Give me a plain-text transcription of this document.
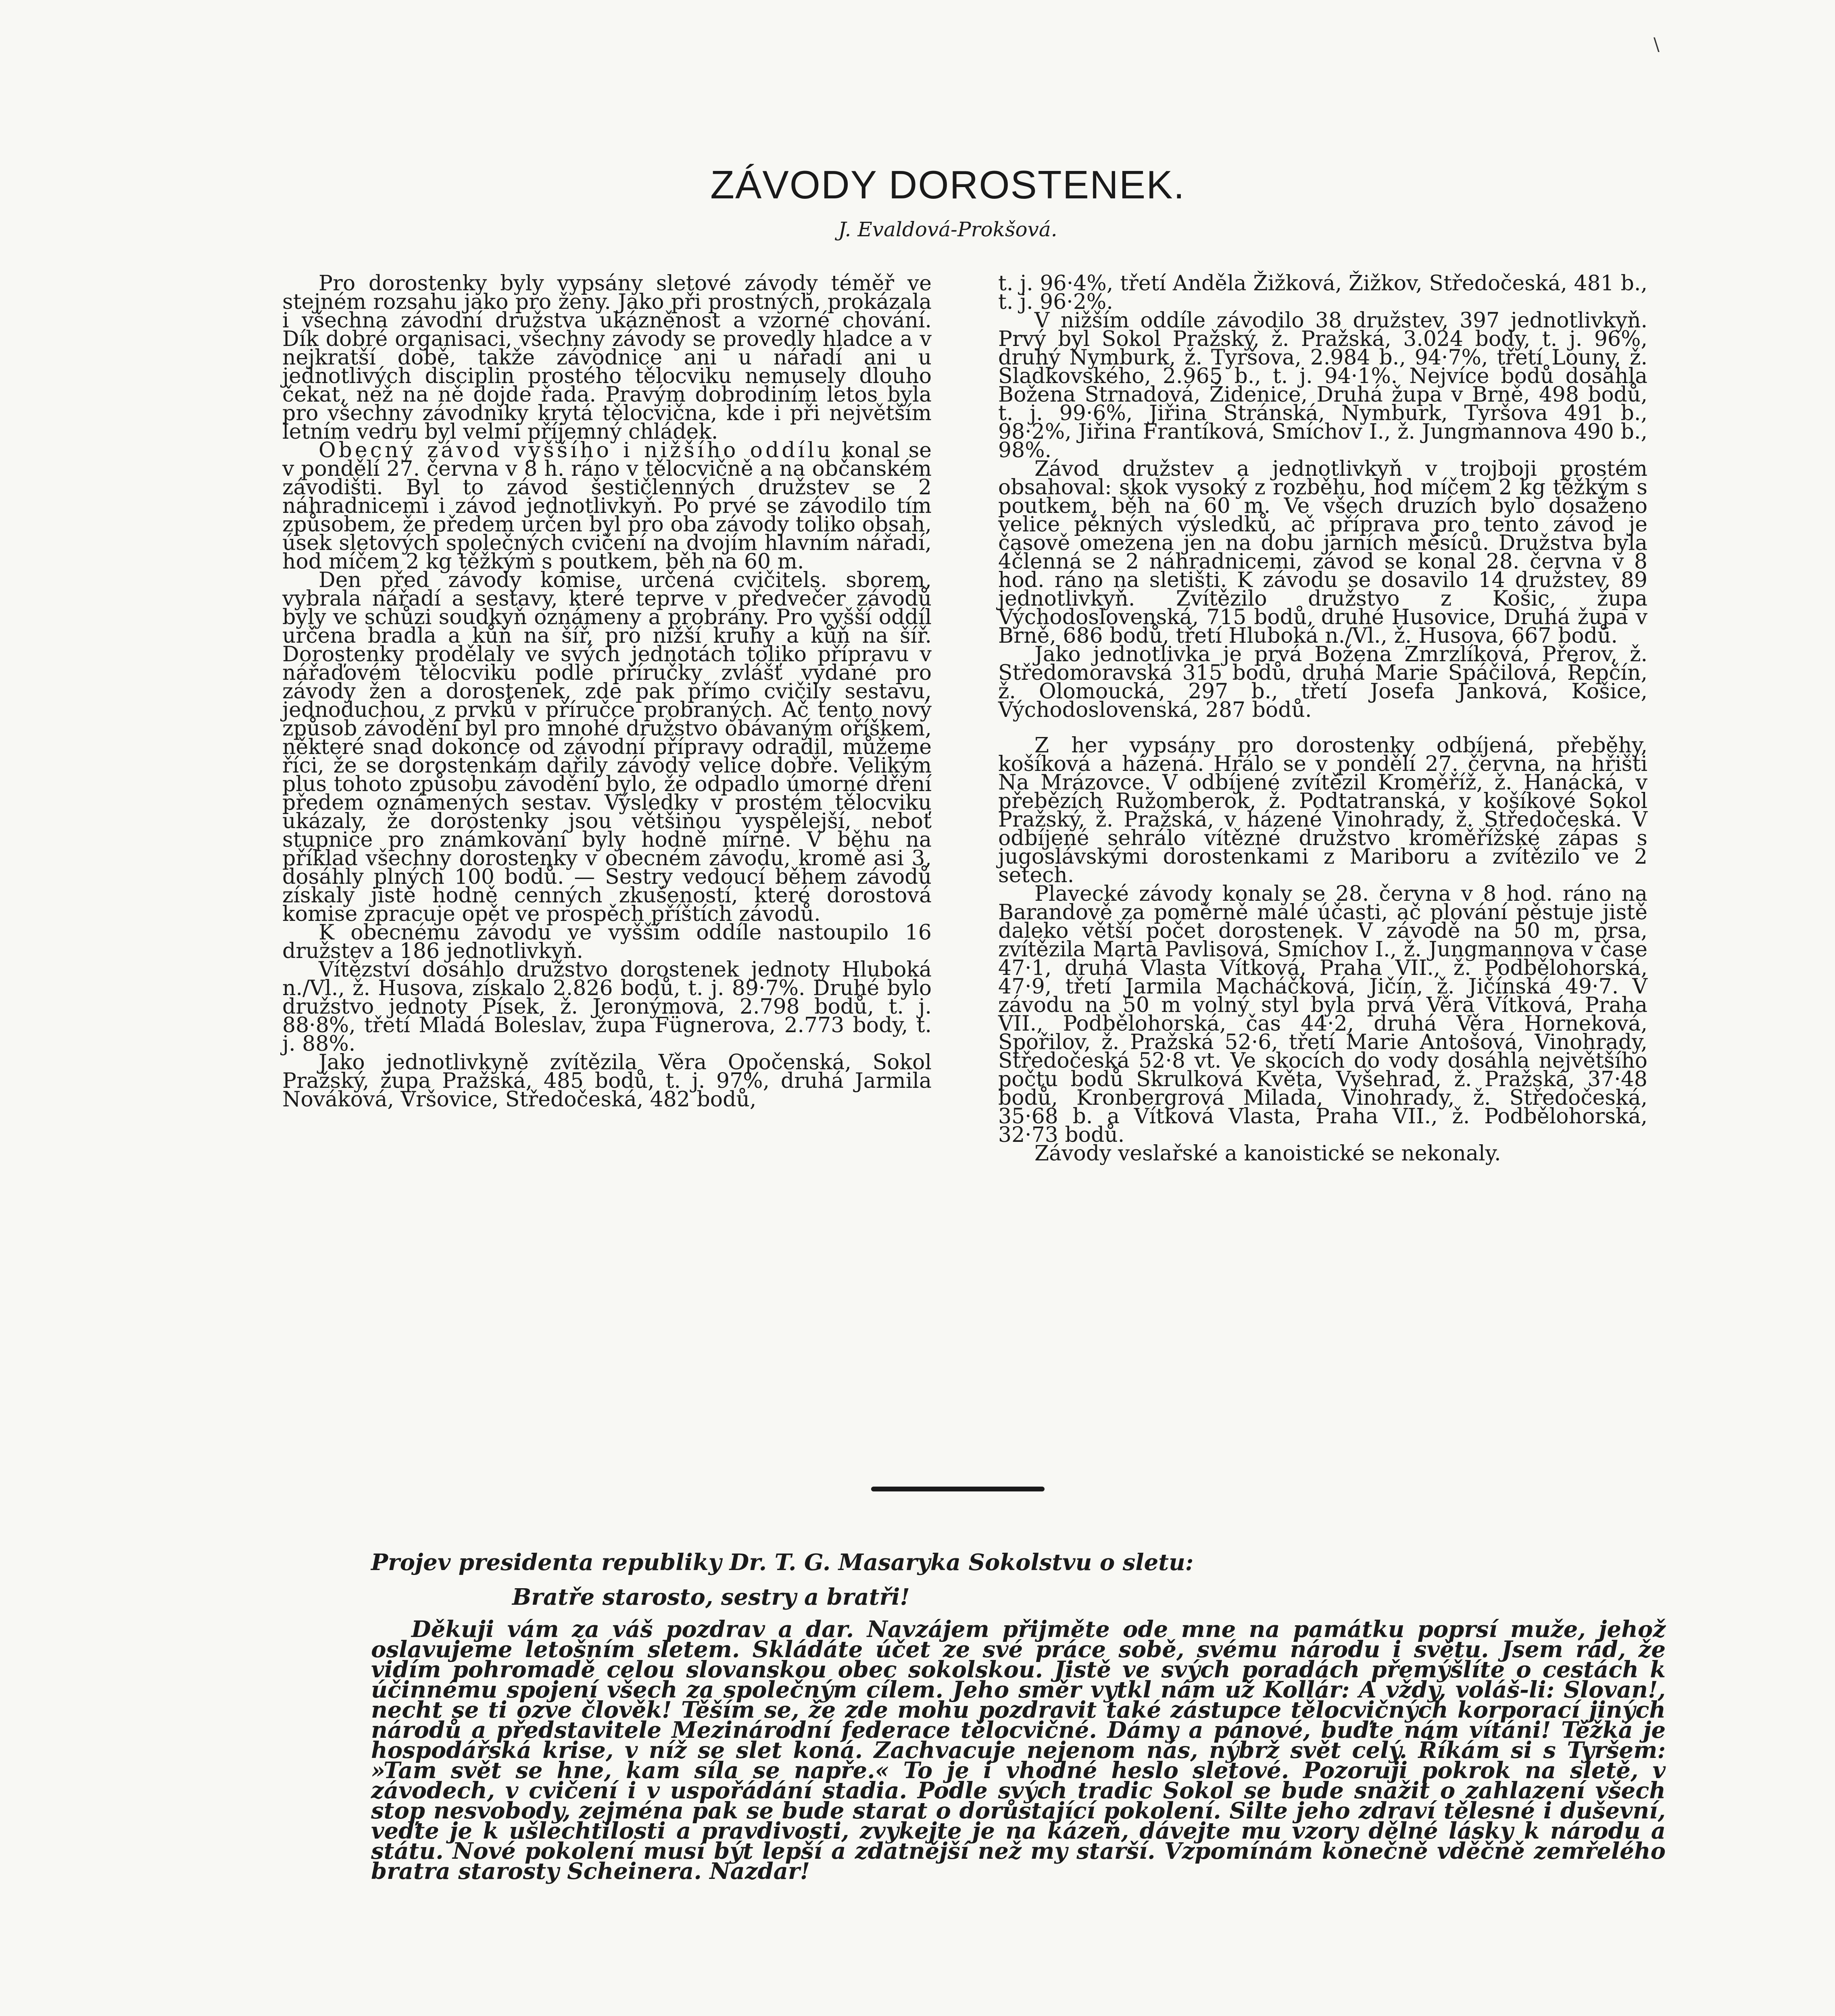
\
ZÁVODY DOROSTENEK.

J. Evaldová-Prokšová.

Pro dorostenky byly vypsány sletové závody téměř ve stejném rozsahu jako pro ženy. Jako při prostných, prokázala i všechna závodní družstva ukázněnost a vzorné chování. Dík dobré organisaci, všechny závody se provedly hladce a v nejkratší době, takže závodnice ani u nářadí ani u jednotlivých disciplin prostého tělocviku nemusely dlouho čekat, než na ně dojde řada. Pravým dobrodiním letos byla pro všechny závodníky krytá tělocvična, kde i při největším letním vedru byl velmi příjemný chládek.

Obecný závod vyššího i nižšího oddílu konal se v pondělí 27. června v 8 h. ráno v tělocvičně a na občanském závodišti. Byl to závod šestičlenných družstev se 2 náhradnicemi i závod jednotlivkyň. Po prvé se závodilo tím způsobem, že předem určen byl pro oba závody toliko obsah, úsek sletových společných cvičení na dvojím hlavním nářadí, hod míčem 2 kg těžkým s poutkem, běh na 60 m.

Den před závody komise, určená cvičitels. sborem, vybrala nářadí a sestavy, které teprve v předvečer závodů byly ve schůzi soudkyň oznámeny a probrány. Pro vyšší oddíl určena bradla a kůň na šíř, pro nižší kruhy a kůň na šíř. Dorostenky prodělaly ve svých jednotách toliko přípravu v nářaďovém tělocviku podle příručky zvlášť vydané pro závody žen a dorostenek, zde pak přímo cvičily sestavu, jednoduchou, z prvků v příručce probraných. Ač tento nový způsob závodění byl pro mnohé družstvo obávaným oříškem, některé snad dokonce od závodní přípravy odradil, můžeme říci, že se dorostenkám dařily závody velice dobře. Velikým plus tohoto způsobu závodění bylo, že odpadlo úmorné dření předem oznámených sestav. Výsledky v prostém tělocviku ukázaly, že dorostenky jsou většinou vyspělejší, neboť stupnice pro známkování byly hodně mírné. V běhu na příklad všechny dorostenky v obecném závodu, kromě asi 3, dosáhly plných 100 bodů. — Sestry vedoucí během závodů získaly jistě hodně cenných zkušeností, které dorostová komise zpracuje opět ve prospěch příštích závodů.

K obecnému závodu ve vyšším oddíle nastoupilo 16 družstev a 186 jednotlivkyň.

Vítězství dosáhlo družstvo dorostenek jednoty Hluboká n./Vl., ž. Husova, získalo 2.826 bodů, t. j. 89·7%. Druhé bylo družstvo jednoty Písek, ž. Jeronýmova, 2.798 bodů, t. j. 88·8%, třetí Mladá Boleslav, župa Fügnerova, 2.773 body, t. j. 88%.

Jako jednotlivkyně zvítězila Věra Opočenská, Sokol Pražský, župa Pražská, 485 bodů, t. j. 97%, druhá Jarmila Nováková, Vršovice, Středočeská, 482 bodů,

t. j. 96·4%, třetí Anděla Žižková, Žižkov, Středočeská, 481 b., t. j. 96·2%.

V nižším oddíle závodilo 38 družstev, 397 jednotlivkyň. Prvý byl Sokol Pražský, ž. Pražská, 3.024 body, t. j. 96%, druhý Nymburk, ž. Tyršova, 2.984 b., 94·7%, třetí Louny, ž. Sladkovského, 2.965 b., t. j. 94·1%. Nejvíce bodů dosáhla Božena Strnadová, Židenice, Druhá župa v Brně, 498 bodů, t. j. 99·6%, Jiřina Stránská, Nymburk, Tyršova 491 b., 98·2%, Jiřina Frantíková, Smíchov I., ž. Jungmannova 490 b., 98%.

Závod družstev a jednotlivkyň v trojboji prostém obsahoval: skok vysoký z rozběhu, hod míčem 2 kg těžkým s poutkem, běh na 60 m. Ve všech druzích bylo dosaženo velice pěkných výsledků, ač příprava pro tento závod je časově omezena jen na dobu jarních měsíců. Družstva byla 4členná se 2 náhradnicemi, závod se konal 28. června v 8 hod. ráno na sletišti. K závodu se dosavilo 14 družstev, 89 jednotlivkyň. Zvítězilo družstvo z Košic, župa Východoslovenská, 715 bodů, druhé Husovice, Druhá župa v Brně, 686 bodů, třetí Hluboká n./Vl., ž. Husova, 667 bodů.

Jako jednotlivka je prvá Božena Zmrzlíková, Přerov, ž. Středomoravská 315 bodů, druhá Marie Spáčilová, Řepčín, ž. Olomoucká, 297 b., třetí Josefa Janková, Košice, Východoslovenská, 287 bodů.

Z her vypsány pro dorostenky odbíjená, přeběhy, košíková a házená. Hrálo se v pondělí 27. června, na hřišti Na Mrázovce. V odbíjené zvítězil Kroměříž, ž. Hanácká, v přebězích Ružomberok, ž. Podtatranská, v košíkové Sokol Pražský, ž. Pražská, v házené Vinohrady, ž. Středočeská. V odbíjené sehrálo vítězné družstvo kroměřížské zápas s jugoslávskými dorostenkami z Mariboru a zvítězilo ve 2 setech.

Plavecké závody konaly se 28. června v 8 hod. ráno na Barandově za poměrně malé účasti, ač plování pěstuje jistě daleko větší počet dorostenek. V závodě na 50 m, prsa, zvítězila Marta Pavlisová, Smíchov I., ž. Jungmannova v čase 47·1, druhá Vlasta Vítková, Praha VII., ž. Podbělohorská, 47·9, třetí Jarmila Macháčková, Jičín, ž. Jičínská 49·7. V závodu na 50 m volný styl byla prvá Věra Vítková, Praha VII., Podbělohorská, čas 44·2, druhá Věra Horneková, Spořilov, ž. Pražská 52·6, třetí Marie Antošová, Vinohrady, Středočeská 52·8 vt. Ve skocích do vody dosáhla největšího počtu bodů Skrulková Květa, Vyšehrad, ž. Pražská, 37·48 bodů, Kronbergrová Milada, Vinohrady, ž. Středočeská, 35·68 b. a Vítková Vlasta, Praha VII., ž. Podbělohorská, 32·73 bodů.

Závody veslařské a kanoistické se nekonaly.

Projev presidenta republiky Dr. T. G. Masaryka Sokolstvu o sletu:

Bratře starosto, sestry a bratři!

Děkuji vám za váš pozdrav a dar. Navzájem přijměte ode mne na památku poprsí muže, jehož oslavujeme letošním sletem. Skládáte účet ze své práce sobě, svému národu i světu. Jsem rád, že vidím pohromadě celou slovanskou obec sokolskou. Jistě ve svých poradách přemýšlíte o cestách k účinnému spojení všech za společným cílem. Jeho směr vytkl nám už Kollár: A vždy, voláš-li: Slovan!, necht se ti ozve člověk! Těším se, že zde mohu pozdravit také zástupce tělocvičných korporací jiných národů a představitele Mezinárodní federace tělocvičné. Dámy a pánové, buďte nám vítáni! Těžká je hospodářská krise, v níž se slet koná. Zachvacuje nejenom nás, nýbrž svět celý. Říkám si s Tyršem: »Tam svět se hne, kam síla se napře.« To je i vhodné heslo sletové. Pozoruji pokrok na sletě, v závodech, v cvičení i v uspořádání stadia. Podle svých tradic Sokol se bude snažit o zahlazení všech stop nesvobody, zejména pak se bude starat o dorůstající pokolení. Silte jeho zdraví tělesné i duševní, veďte je k ušlechtilosti a pravdivosti, zvykejte je na kázeň, dávejte mu vzory dělné lásky k národu a státu. Nové pokolení musí být lepší a zdatnější než my starší. Vzpomínám konečně vděčně zemřelého bratra starosty Scheinera. Nazdar!
